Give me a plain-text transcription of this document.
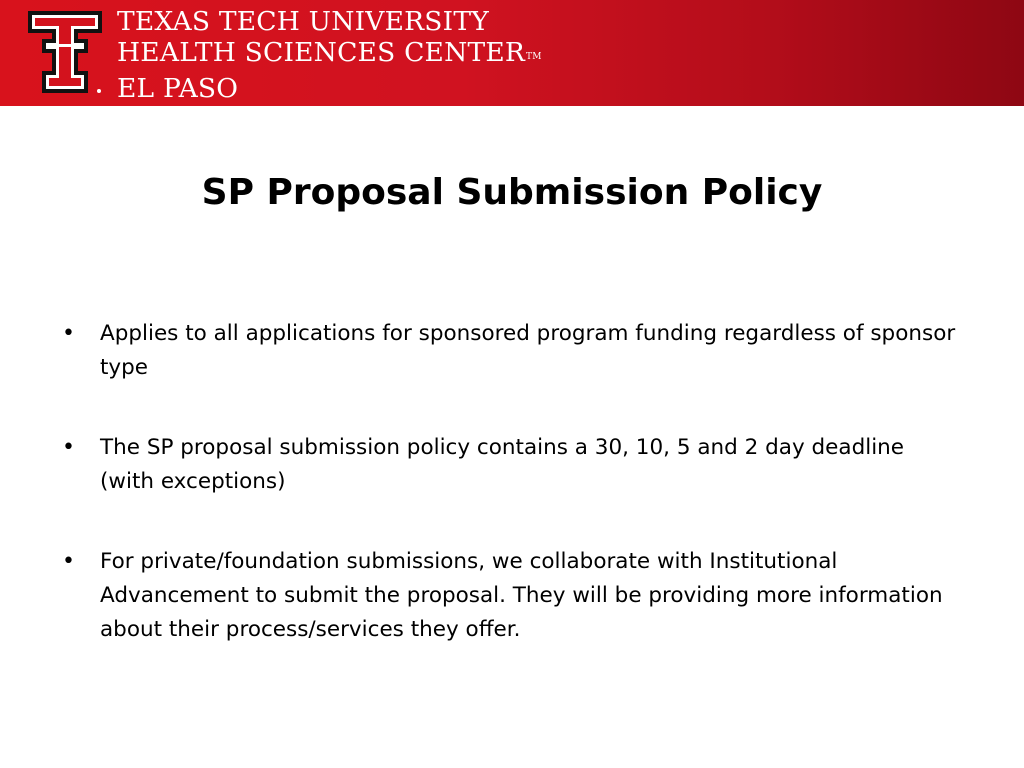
TEXAS TECH UNIVERSITY
HEALTH SCIENCES CENTERTM
EL PASO
SP Proposal Submission Policy
• Applies to all applications for sponsored program funding regardless of sponsor type
• The SP proposal submission policy contains a 30, 10, 5 and 2 day deadline (with exceptions)
• For private/foundation submissions, we collaborate with Institutional Advancement to submit the proposal. They will be providing more information about their process/services they offer.
